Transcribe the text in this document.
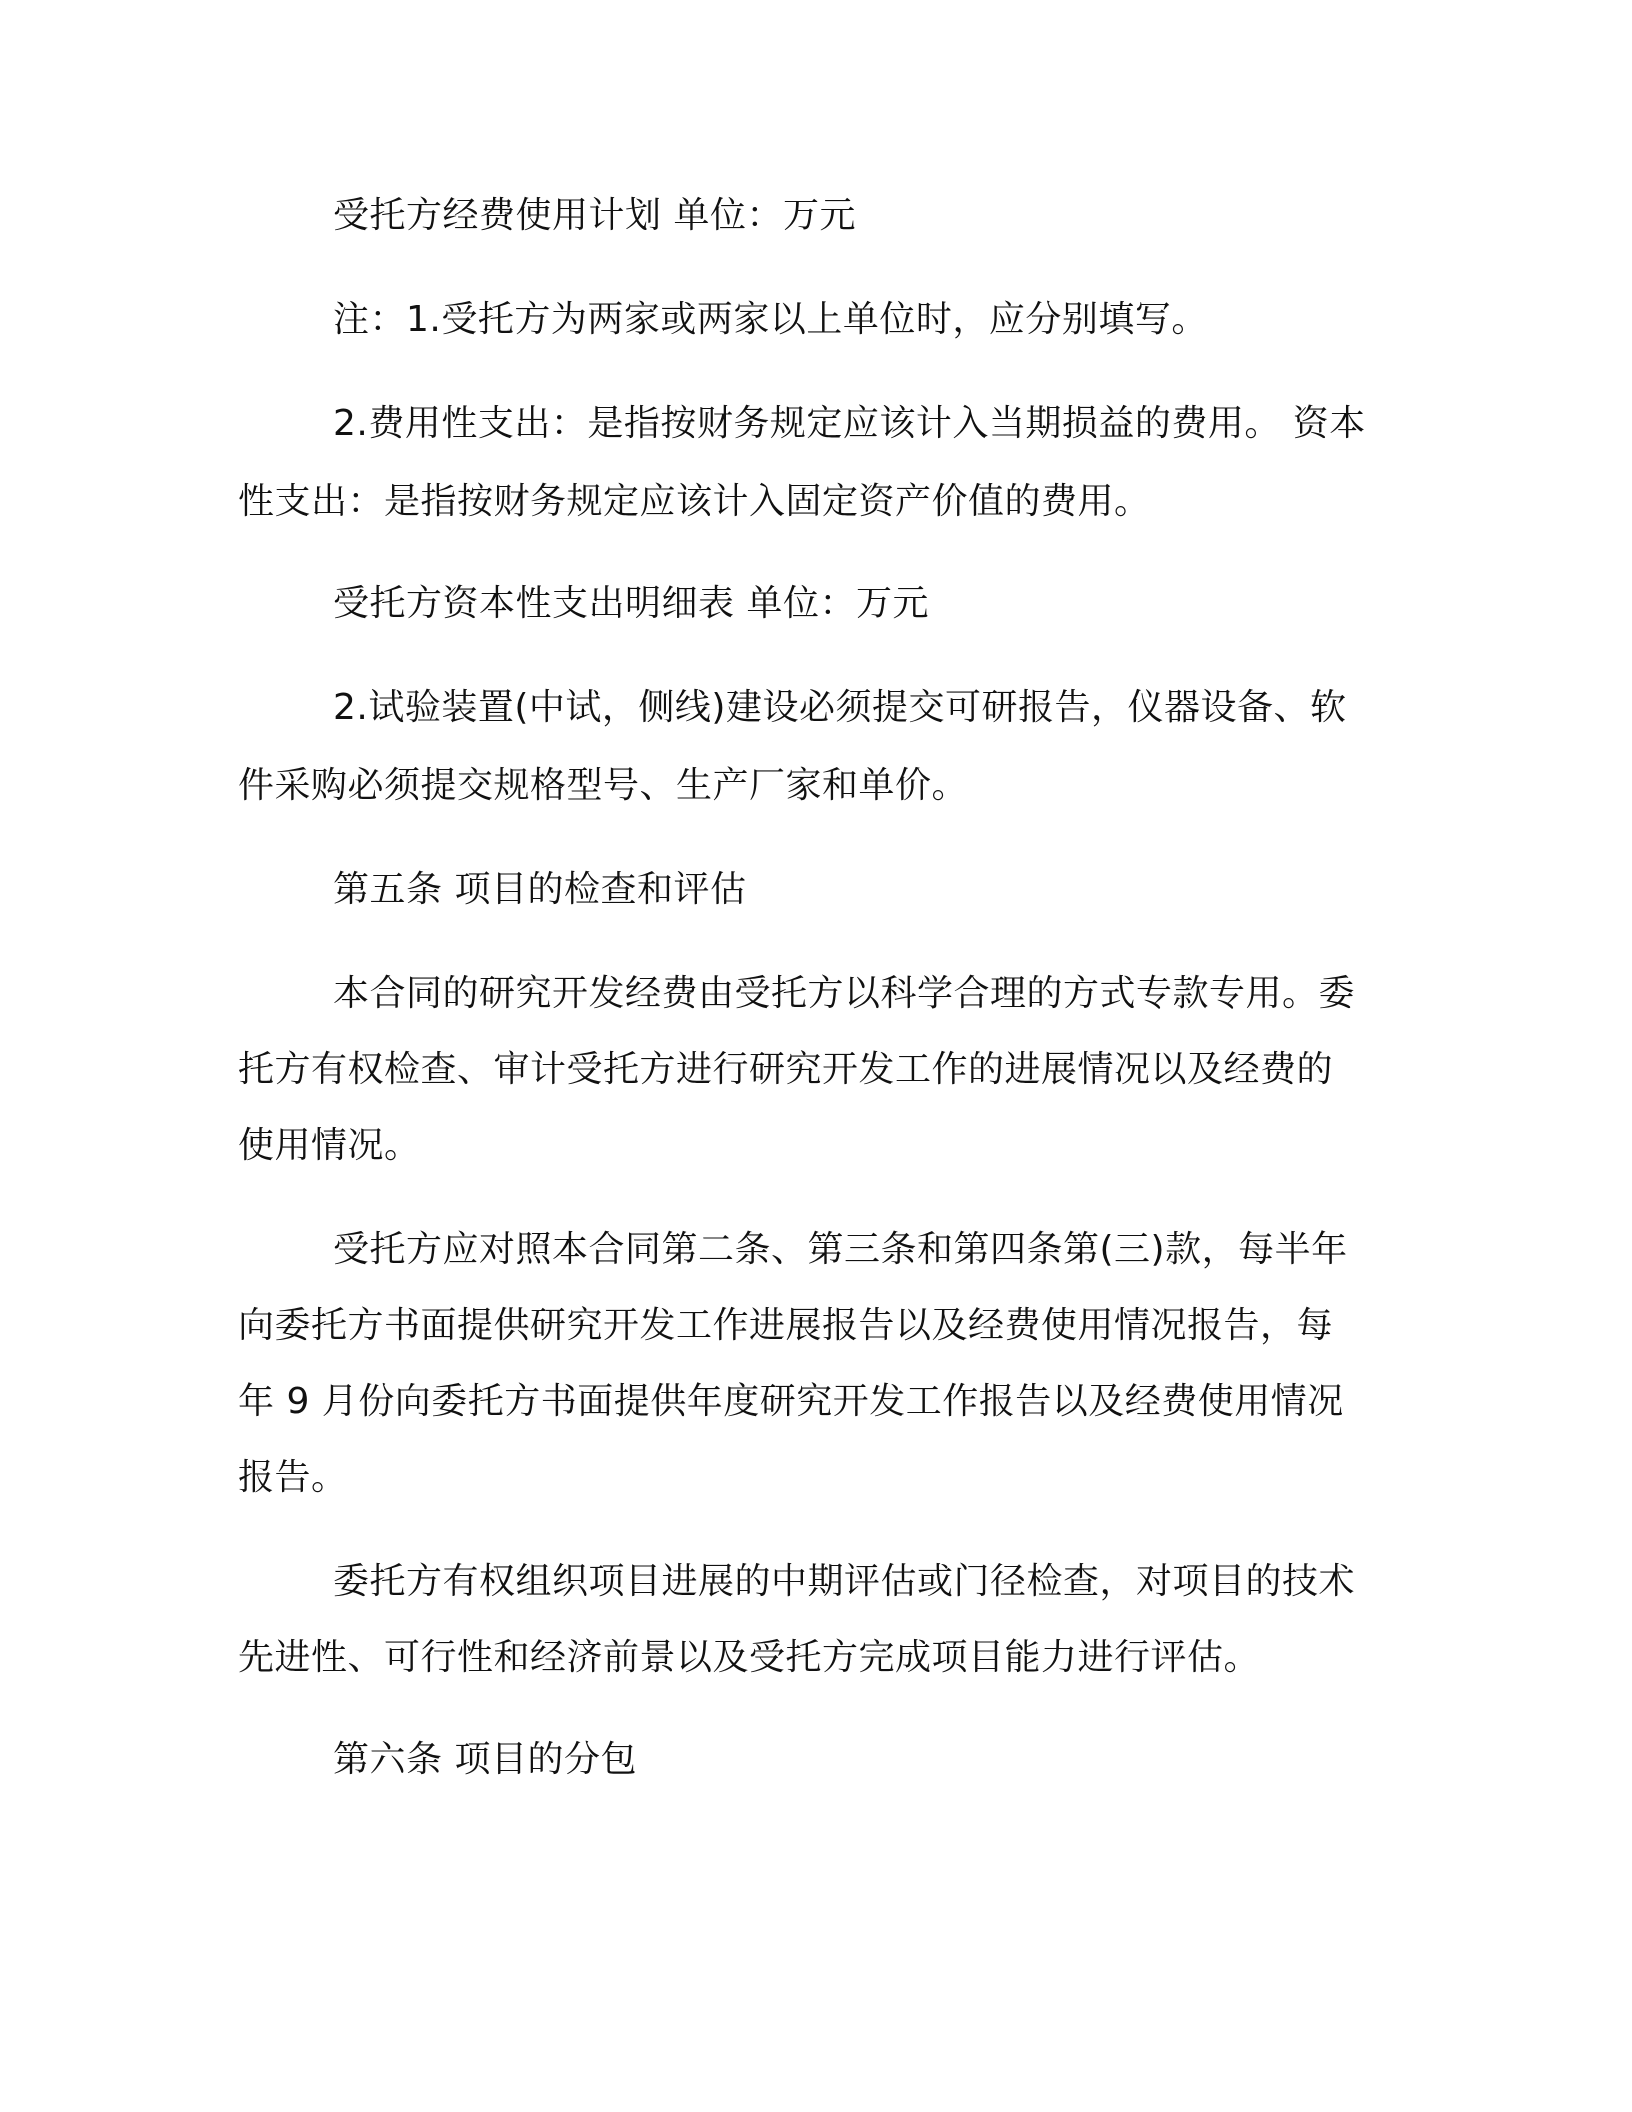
受托方经费使用计划 单位：万元
注：1.受托方为两家或两家以上单位时，应分别填写。
2.费用性支出：是指按财务规定应该计入当期损益的费用。 资本
性支出：是指按财务规定应该计入固定资产价值的费用。
受托方资本性支出明细表 单位：万元
2.试验装置(中试，侧线)建设必须提交可研报告，仪器设备、软
件采购必须提交规格型号、生产厂家和单价。
第五条 项目的检查和评估
本合同的研究开发经费由受托方以科学合理的方式专款专用。委
托方有权检查、审计受托方进行研究开发工作的进展情况以及经费的
使用情况。
受托方应对照本合同第二条、第三条和第四条第(三)款，每半年
向委托方书面提供研究开发工作进展报告以及经费使用情况报告，每
年 9 月份向委托方书面提供年度研究开发工作报告以及经费使用情况
报告。
委托方有权组织项目进展的中期评估或门径检查，对项目的技术
先进性、可行性和经济前景以及受托方完成项目能力进行评估。
第六条 项目的分包
